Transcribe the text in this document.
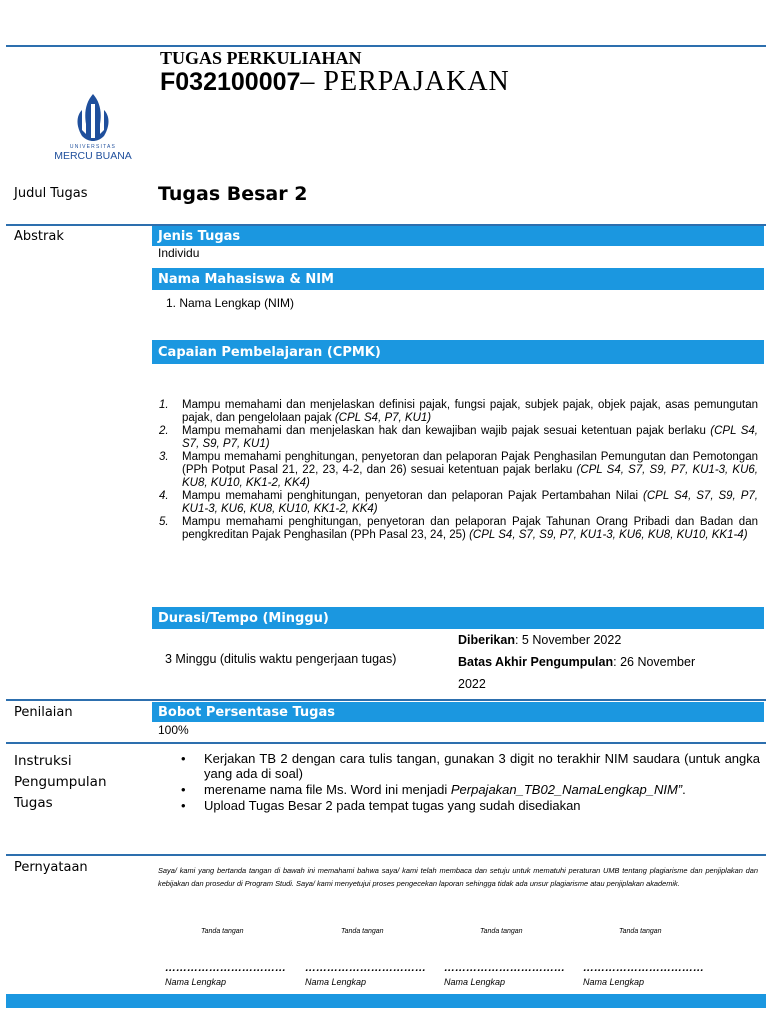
UNIVERSITAS
MERCU BUANA
TUGAS PERKULIAHAN
F032100007– PERPAJAKAN
Judul Tugas	Tugas Besar 2
Abstrak	Jenis Tugas
Individu
Nama Mahasiswa & NIM
1. Nama Lengkap (NIM)
Capaian Pembelajaran (CPMK)
1. Mampu memahami dan menjelaskan definisi pajak, fungsi pajak, subjek pajak, objek pajak, asas pemungutan pajak, dan pengelolaan pajak (CPL S4, P7, KU1)
2. Mampu memahami dan menjelaskan hak dan kewajiban wajib pajak sesuai ketentuan pajak berlaku (CPL S4, S7, S9, P7, KU1)
3. Mampu memahami penghitungan, penyetoran dan pelaporan Pajak Penghasilan Pemungutan dan Pemotongan (PPh Potput Pasal 21, 22, 23, 4-2, dan 26) sesuai ketentuan pajak berlaku (CPL S4, S7, S9, P7, KU1-3, KU6, KU8, KU10, KK1-2, KK4)
4. Mampu memahami penghitungan, penyetoran dan pelaporan Pajak Pertambahan Nilai (CPL S4, S7, S9, P7, KU1-3, KU6, KU8, KU10, KK1-2, KK4)
5. Mampu memahami penghitungan, penyetoran dan pelaporan Pajak Tahunan Orang Pribadi dan Badan dan pengkreditan Pajak Penghasilan (PPh Pasal 23, 24, 25) (CPL S4, S7, S9, P7, KU1-3, KU6, KU8, KU10, KK1-4)
Durasi/Tempo (Minggu)
3 Minggu (ditulis waktu pengerjaan tugas)
Diberikan: 5 November 2022
Batas Akhir Pengumpulan: 26 November
2022
Penilaian	Bobot Persentase Tugas
100%
Instruksi
Pengumpulan
Tugas
• Kerjakan TB 2 dengan cara tulis tangan, gunakan 3 digit no terakhir NIM saudara (untuk angka yang ada di soal)
• merename nama file Ms. Word ini menjadi Perpajakan_TB02_NamaLengkap_NIM”.
• Upload Tugas Besar 2 pada tempat tugas yang sudah disediakan
Pernyataan	Saya/ kami yang bertanda tangan di bawah ini memahami bahwa saya/ kami telah membaca dan setuju untuk mematuhi peraturan UMB tentang plagiarisme dan penjiplakan dan kebijakan dan prosedur di Program Studi. Saya/ kami menyetujui proses pengecekan laporan sehingga tidak ada unsur plagiarisme atau penjiplakan akademik.
Tanda tangan
……………………………
Nama Lengkap
Tanda tangan
……………………………
Nama Lengkap
Tanda tangan
……………………………
Nama Lengkap
Tanda tangan
……………………………
Nama Lengkap
